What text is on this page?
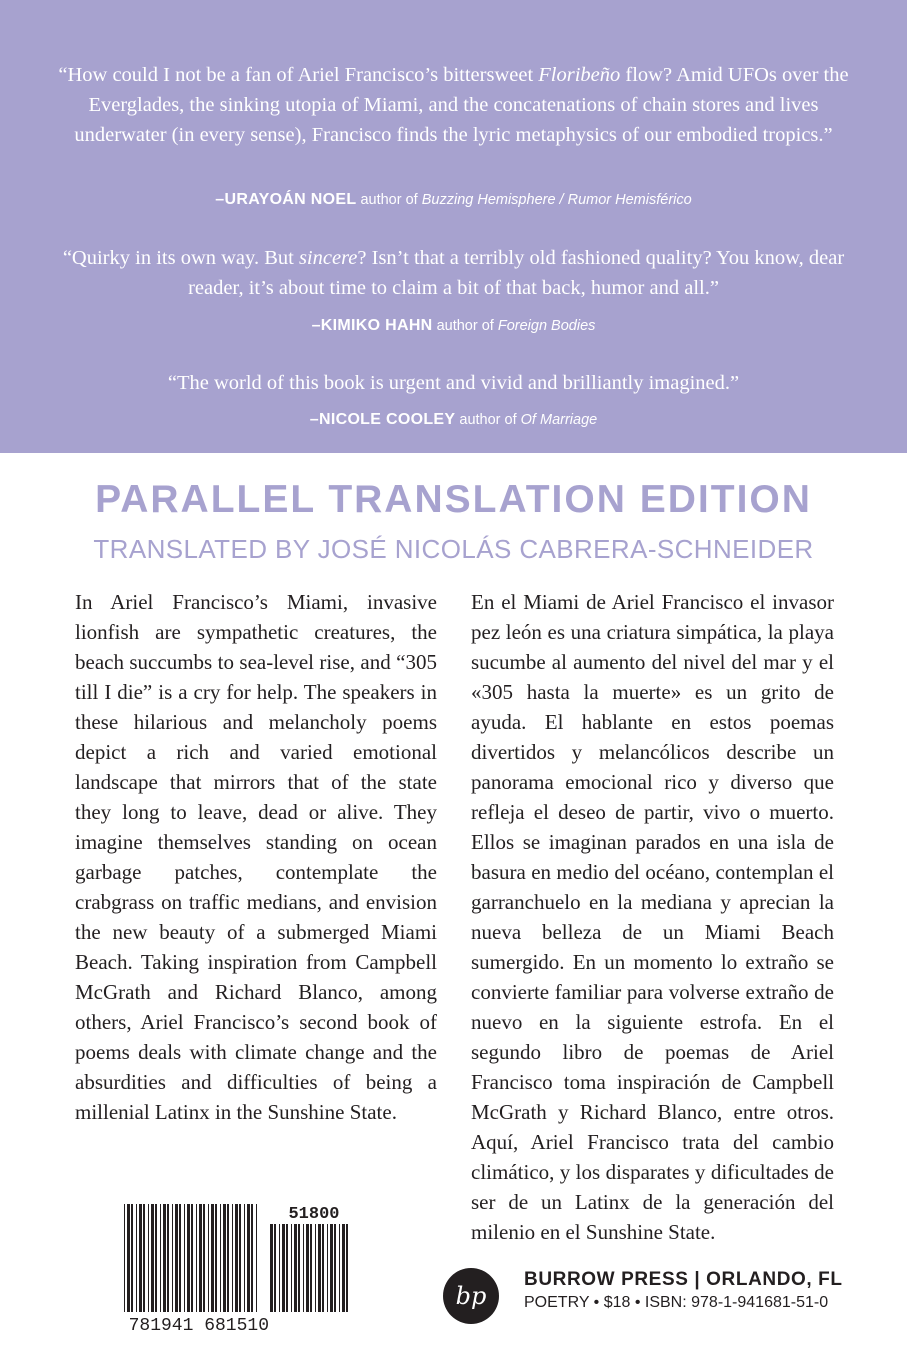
“How could I not be a fan of Ariel Francisco’s bittersweet Floribeño flow? Amid UFOs over the Everglades, the sinking utopia of Miami, and the concatenations of chain stores and lives underwater (in every sense), Francisco finds the lyric metaphysics of our embodied tropics.”
–URAYOÁN NOEL author of Buzzing Hemisphere / Rumor Hemisférico
“Quirky in its own way. But sincere? Isn’t that a terribly old fashioned quality? You know, dear reader, it’s about time to claim a bit of that back, humor and all.”
–KIMIKO HAHN author of Foreign Bodies
“The world of this book is urgent and vivid and brilliantly imagined.”
–NICOLE COOLEY author of Of Marriage
PARALLEL TRANSLATION EDITION
TRANSLATED BY JOSÉ NICOLÁS CABRERA-SCHNEIDER
In Ariel Francisco’s Miami, invasive lionfish are sympathetic creatures, the beach succumbs to sea-level rise, and “305 till I die” is a cry for help. The speakers in these hilarious and melancholy poems depict a rich and varied emotional landscape that mirrors that of the state they long to leave, dead or alive. They imagine themselves standing on ocean garbage patches, contemplate the crabgrass on traffic medians, and envision the new beauty of a submerged Miami Beach. Taking inspiration from Campbell McGrath and Richard Blanco, among others, Ariel Francisco’s second book of poems deals with climate change and the absurdities and difficulties of being a millenial Latinx in the Sunshine State.
En el Miami de Ariel Francisco el invasor pez león es una criatura simpática, la playa sucumbe al aumento del nivel del mar y el «305 hasta la muerte» es un grito de ayuda. El hablante en estos poemas divertidos y melancólicos describe un panorama emocional rico y diverso que refleja el deseo de partir, vivo o muerto. Ellos se imaginan parados en una isla de basura en medio del océano, contemplan el garranchuelo en la mediana y aprecian la nueva belleza de un Miami Beach sumergido. En un momento lo extraño se convierte familiar para volverse extraño de nuevo en la siguiente estrofa. En el segundo libro de poemas de Ariel Francisco toma inspiración de Campbell McGrath y Richard Blanco, entre otros. Aquí, Ariel Francisco trata del cambio climático, y los disparates y dificultades de ser de un Latinx de la generación del milenio en el Sunshine State.
51800
9 781941 681510
bp
BURROW PRESS | ORLANDO, FL
POETRY • $18 • ISBN: 978-1-941681-51-0
